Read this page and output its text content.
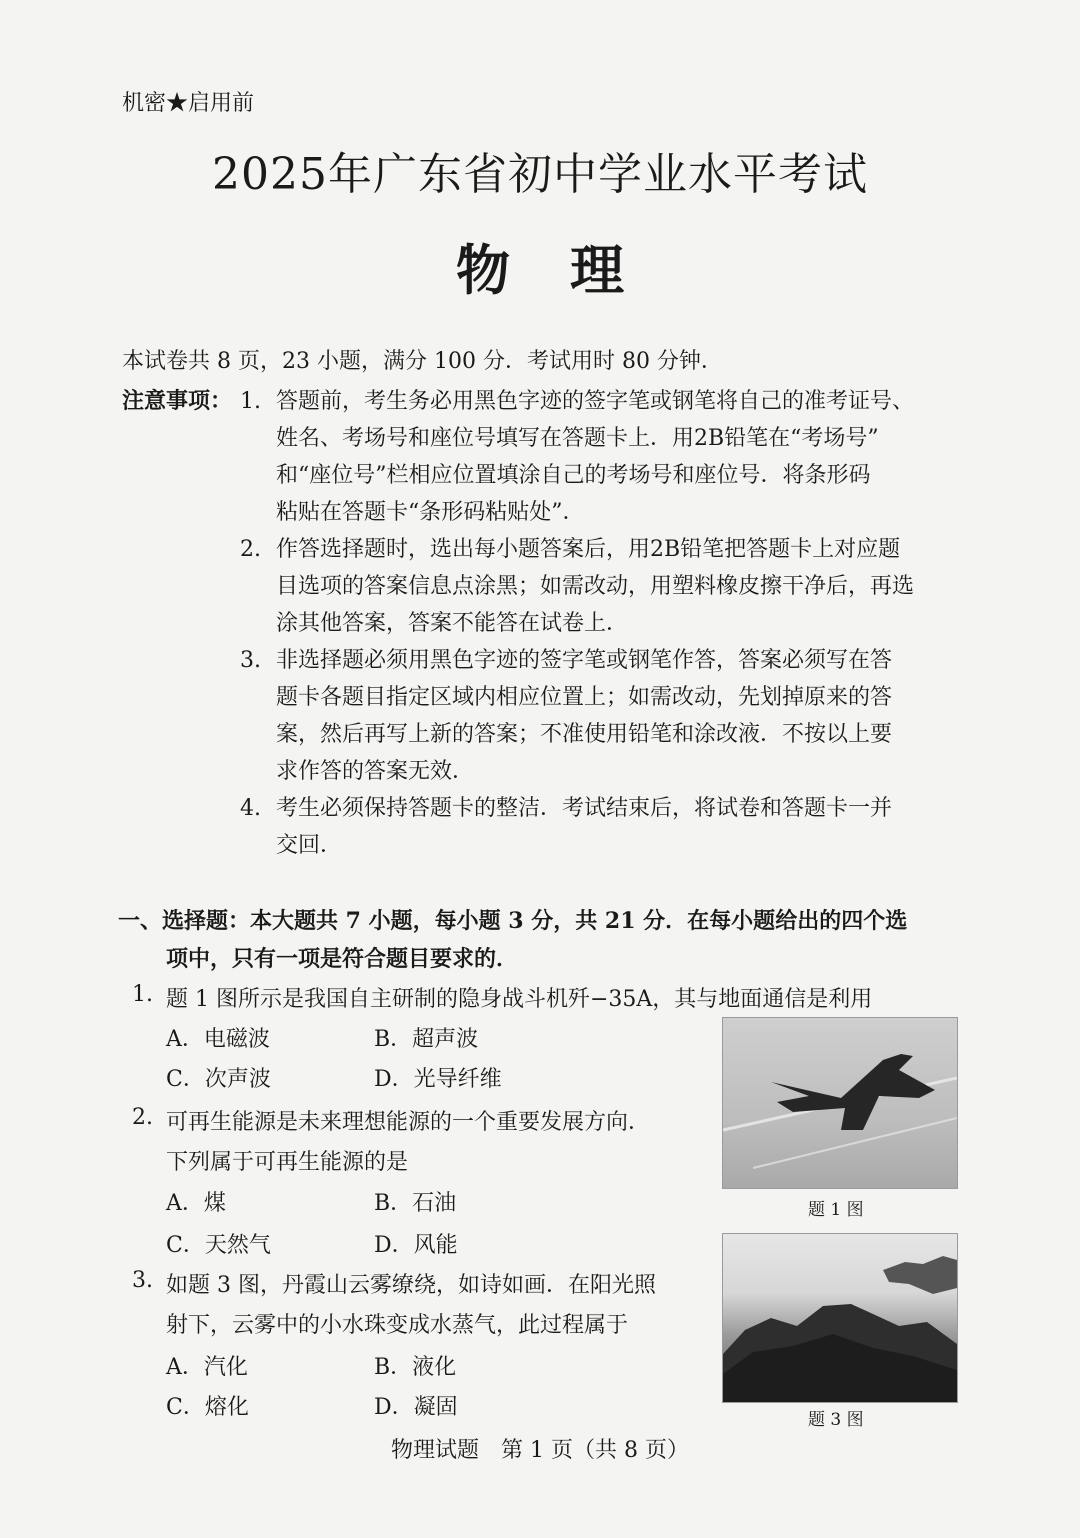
机密★启用前
2025年广东省初中学业水平考试
物理
本试卷共 8 页，23 小题，满分 100 分．考试用时 80 分钟．
注意事项： 1. 答题前，考生务必用黑色字迹的签字笔或钢笔将自己的准考证号、
姓名、考场号和座位号填写在答题卡上．用2B铅笔在“考场号”
和“座位号”栏相应位置填涂自己的考场号和座位号．将条形码
粘贴在答题卡“条形码粘贴处”．
2. 作答选择题时，选出每小题答案后，用2B铅笔把答题卡上对应题
目选项的答案信息点涂黑；如需改动，用塑料橡皮擦干净后，再选
涂其他答案，答案不能答在试卷上．
3. 非选择题必须用黑色字迹的签字笔或钢笔作答，答案必须写在答
题卡各题目指定区域内相应位置上；如需改动，先划掉原来的答
案，然后再写上新的答案；不准使用铅笔和涂改液．不按以上要
求作答的答案无效．
4. 考生必须保持答题卡的整洁．考试结束后，将试卷和答题卡一并
交回．
一、选择题：本大题共 7 小题，每小题 3 分，共 21 分．在每小题给出的四个选
项中，只有一项是符合题目要求的．
1. 题 1 图所示是我国自主研制的隐身战斗机歼−35A，其与地面通信是利用
A．电磁波	B．超声波
C．次声波	D．光导纤维
2. 可再生能源是未来理想能源的一个重要发展方向．
下列属于可再生能源的是
A．煤	B．石油
C．天然气	D．风能
3. 如题 3 图，丹霞山云雾缭绕，如诗如画．在阳光照
射下，云雾中的小水珠变成水蒸气，此过程属于
A．汽化	B．液化
C．熔化	D．凝固
题 1 图
题 3 图
物理试题　第 1 页（共 8 页）
